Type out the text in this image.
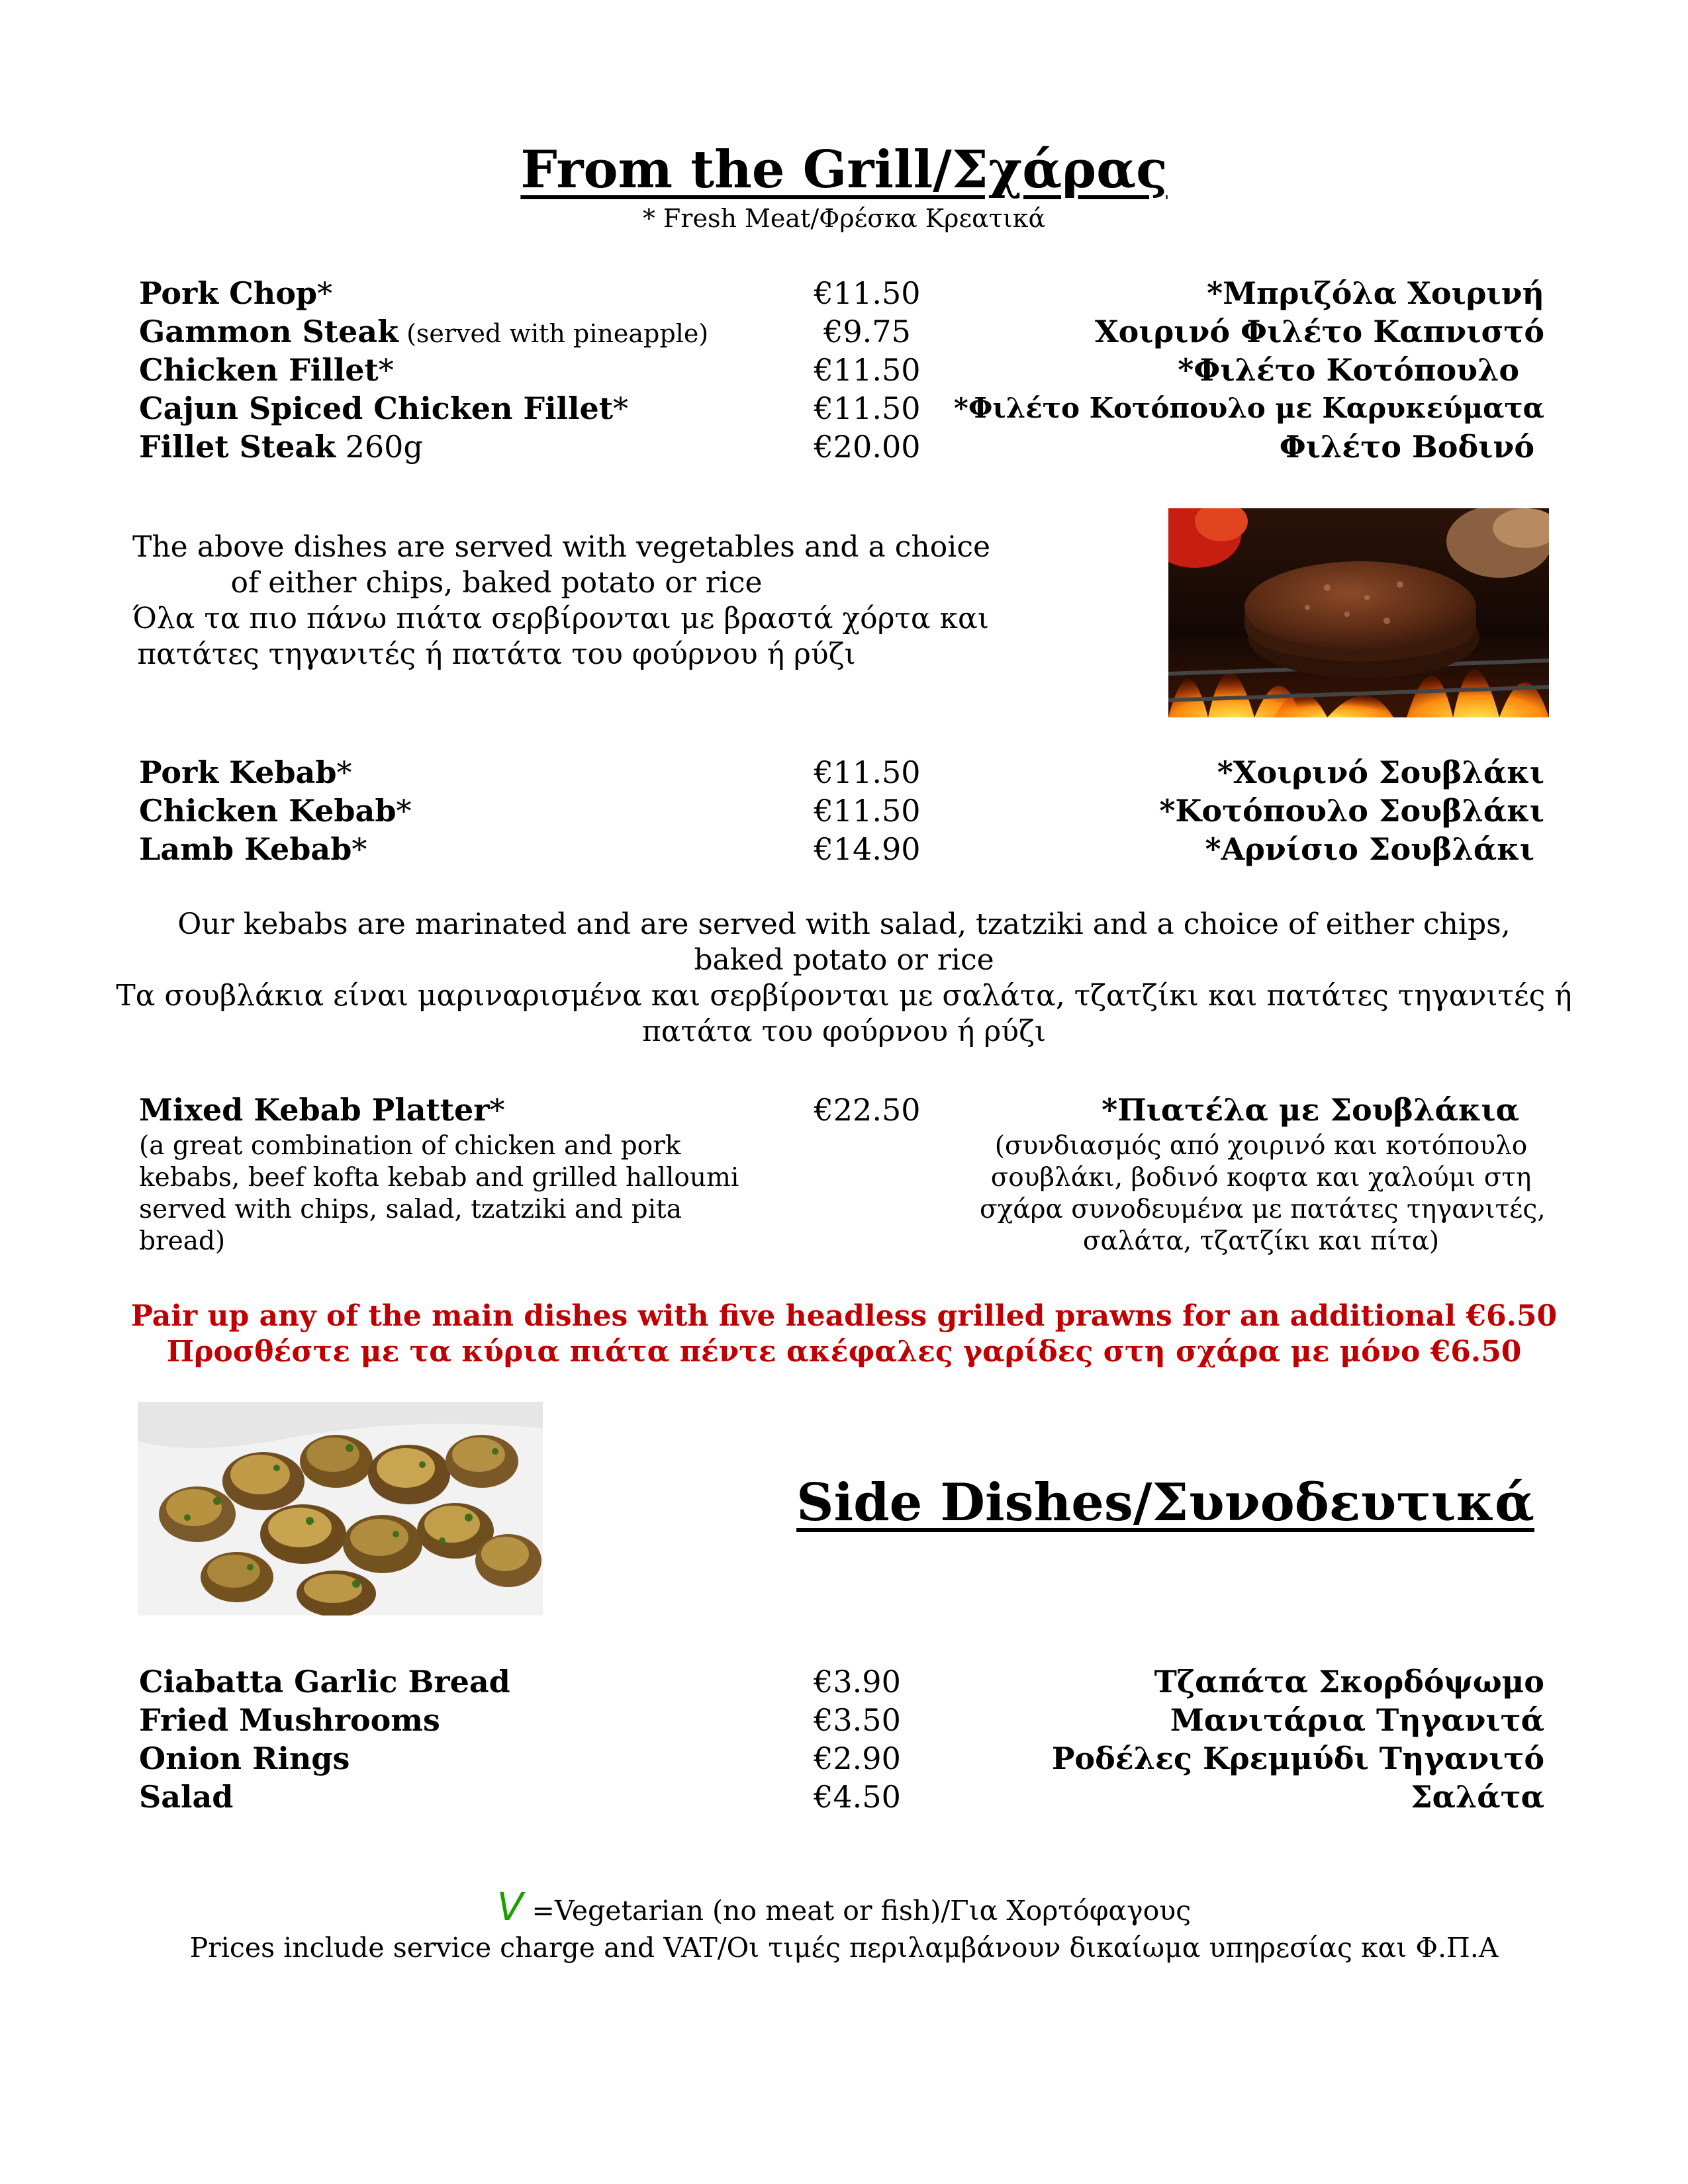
From the Grill/Σχάρας
* Fresh Meat/Φρέσκα Κρεατικά
Pork Chop*	€11.50	*Μπριζόλα Χοιρινή
Gammon Steak (served with pineapple)	€9.75	Χοιρινό Φιλέτο Καπνιστό
Chicken Fillet*	€11.50	*Φιλέτο Κοτόπουλο
Cajun Spiced Chicken Fillet*	€11.50	*Φιλέτο Κοτόπουλο με Καρυκεύματα
Fillet Steak 260g	€20.00	Φιλέτο Βοδινό
The above dishes are served with vegetables and a choice
of either chips, baked potato or rice
Όλα τα πιο πάνω πιάτα σερβίρονται με βραστά χόρτα και
πατάτες τηγανιτές ή πατάτα του φούρνου ή ρύζι
Pork Kebab*	€11.50	*Χοιρινό Σουβλάκι
Chicken Kebab*	€11.50	*Κοτόπουλο Σουβλάκι
Lamb Kebab*	€14.90	*Αρνίσιο Σουβλάκι
Our kebabs are marinated and are served with salad, tzatziki and a choice of either chips,
baked potato or rice
Τα σουβλάκια είναι μαριναρισμένα και σερβίρονται με σαλάτα, τζατζίκι και πατάτες τηγανιτές ή
πατάτα του φούρνου ή ρύζι
Mixed Kebab Platter*	€22.50	*Πιατέλα με Σουβλάκια
(a great combination of chicken and pork
kebabs, beef kofta kebab and grilled halloumi
served with chips, salad, tzatziki and pita
bread)
(συνδιασμός από χοιρινό και κοτόπουλο
σουβλάκι, βοδινό κοφτα και χαλούμι στη
σχάρα συνοδευμένα με πατάτες τηγανιτές,
σαλάτα, τζατζίκι και πίτα)
Pair up any of the main dishes with five headless grilled prawns for an additional €6.50
Προσθέστε με τα κύρια πιάτα πέντε ακέφαλες γαρίδες στη σχάρα με μόνο €6.50
Side Dishes/Συνοδευτικά
Ciabatta Garlic Bread	€3.90	Τζαπάτα Σκορδόψωμο
Fried Mushrooms	€3.50	Μανιτάρια Τηγανιτά
Onion Rings	€2.90	Ροδέλες Κρεμμύδι Τηγανιτό
Salad	€4.50	Σαλάτα
V =Vegetarian (no meat or fish)/Για Χορτόφαγους
Prices include service charge and VAT/Οι τιμές περιλαμβάνουν δικαίωμα υπηρεσίας και Φ.Π.Α
